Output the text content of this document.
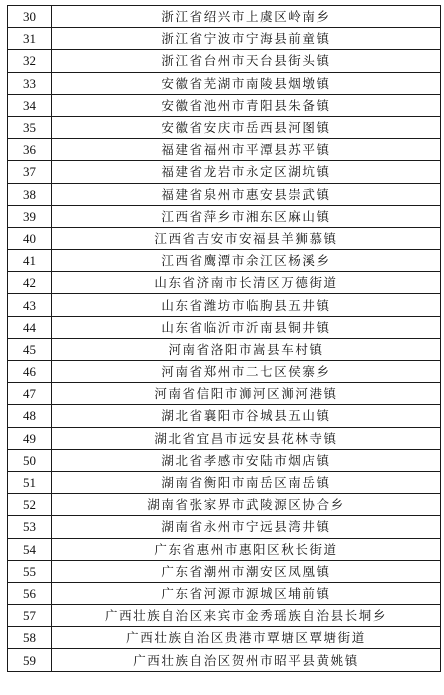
30	浙江省绍兴市上虞区岭南乡
31	浙江省宁波市宁海县前童镇
32	浙江省台州市天台县街头镇
33	安徽省芜湖市南陵县烟墩镇
34	安徽省池州市青阳县朱备镇
35	安徽省安庆市岳西县河图镇
36	福建省福州市平潭县苏平镇
37	福建省龙岩市永定区湖坑镇
38	福建省泉州市惠安县崇武镇
39	江西省萍乡市湘东区麻山镇
40	江西省吉安市安福县羊狮慕镇
41	江西省鹰潭市余江区杨溪乡
42	山东省济南市长清区万德街道
43	山东省潍坊市临朐县五井镇
44	山东省临沂市沂南县铜井镇
45	河南省洛阳市嵩县车村镇
46	河南省郑州市二七区侯寨乡
47	河南省信阳市浉河区浉河港镇
48	湖北省襄阳市谷城县五山镇
49	湖北省宜昌市远安县花林寺镇
50	湖北省孝感市安陆市烟店镇
51	湖南省衡阳市南岳区南岳镇
52	湖南省张家界市武陵源区协合乡
53	湖南省永州市宁远县湾井镇
54	广东省惠州市惠阳区秋长街道
55	广东省潮州市潮安区凤凰镇
56	广东省河源市源城区埔前镇
57	广西壮族自治区来宾市金秀瑶族自治县长垌乡
58	广西壮族自治区贵港市覃塘区覃塘街道
59	广西壮族自治区贺州市昭平县黄姚镇
